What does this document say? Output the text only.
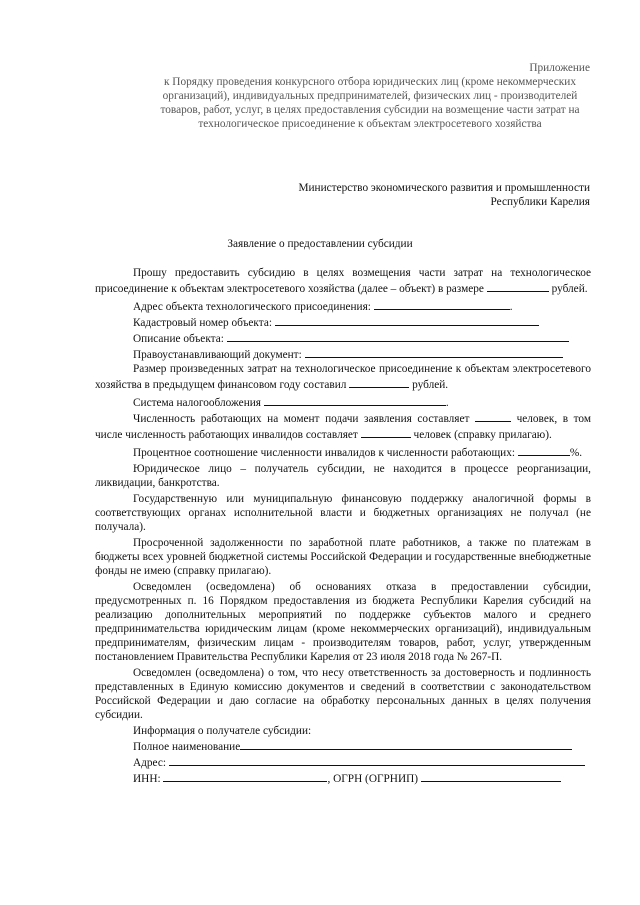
Приложение
к Порядку проведения конкурсного отбора юридических лиц (кроме некоммерческих организаций), индивидуальных предпринимателей, физических лиц - производителей товаров, работ, услуг, в целях предоставления субсидии на возмещение части затрат на технологическое присоединение к объектам электросетевого хозяйства
Министерство экономического развития и промышленности
Республики Карелия
Заявление о предоставлении субсидии

Прошу предоставить субсидию в целях возмещения части затрат на технологическое присоединение к объектам электросетевого хозяйства (далее – объект) в размере	рублей.

Адрес объекта технологического присоединения:	.

Кадастровый номер объекта:

Описание объекта:

Правоустанавливающий документ:

Размер произведенных затрат на технологическое присоединение к объектам электросетевого хозяйства в предыдущем финансовом году составил	рублей.

Система налогообложения	.

Численность работающих на момент подачи заявления составляет	человек, в том числе численность работающих инвалидов составляет	человек (справку прилагаю).

Процентное соотношение численности инвалидов к численности работающих:	%.

Юридическое лицо – получатель субсидии, не находится в процессе реорганизации, ликвидации, банкротства.

Государственную или муниципальную финансовую поддержку аналогичной формы в соответствующих органах исполнительной власти и бюджетных организациях не получал (не получала).

Просроченной задолженности по заработной плате работников, а также по платежам в бюджеты всех уровней бюджетной системы Российской Федерации и государственные внебюджетные фонды не имею (справку прилагаю).

Осведомлен (осведомлена) об основаниях отказа в предоставлении субсидии, предусмотренных п. 16 Порядком предоставления из бюджета Республики Карелия субсидий на реализацию дополнительных мероприятий по поддержке субъектов малого и среднего предпринимательства юридическим лицам (кроме некоммерческих организаций), индивидуальным предпринимателям, физическим лицам - производителям товаров, работ, услуг, утвержденным постановлением Правительства Республики Карелия от 23 июля 2018 года № 267-П.

Осведомлен (осведомлена) о том, что несу ответственность за достоверность и подлинность представленных в Единую комиссию документов и сведений в соответствии с законодательством Российской Федерации и даю согласие на обработку персональных данных в целях получения субсидии.

Информация о получателе субсидии:

Полное наименование

Адрес:

ИНН:	, ОГРН (ОГРНИП)
